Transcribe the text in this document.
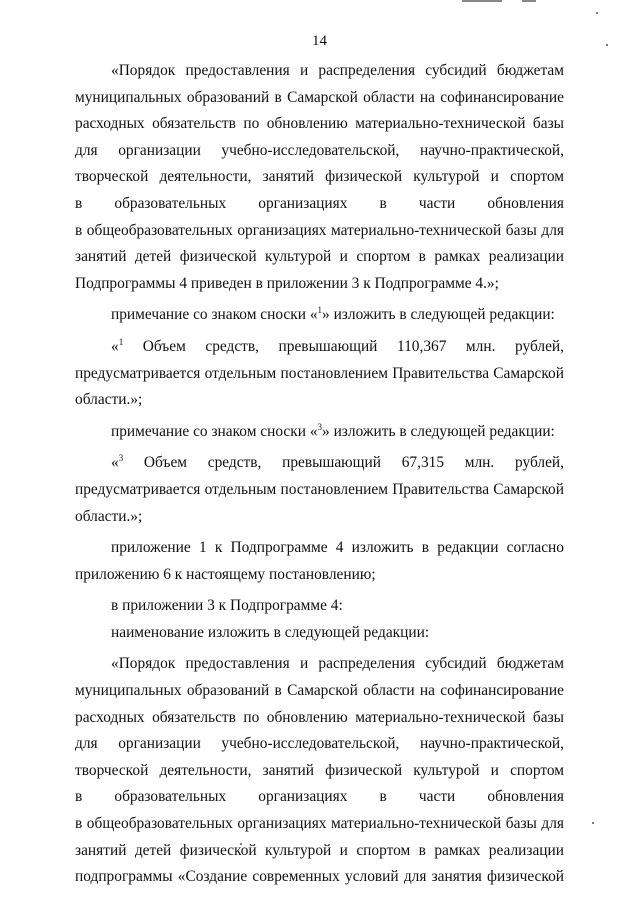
14
«Порядок предоставления и распределения субсидий бюджетам
муниципальных образований в Самарской области на софинансирование
расходных обязательств по обновлению материально-технической базы
для организации учебно-исследовательской, научно-практической,
творческой деятельности, занятий физической культурой и спортом
в образовательных организациях в части обновления
в общеобразовательных организациях материально-технической базы для
занятий детей физической культурой и спортом в рамках реализации
Подпрограммы 4 приведен в приложении 3 к Подпрограмме 4.»;
примечание со знаком сноски «$^1$» изложить в следующей редакции:
«$^1$ Объем средств, превышающий 110,367 млн. рублей,
предусматривается отдельным постановлением Правительства Самарской
области.»;
примечание со знаком сноски «$^3$» изложить в следующей редакции:
«$^3$ Объем средств, превышающий 67,315 млн. рублей,
предусматривается отдельным постановлением Правительства Самарской
области.»;
приложение 1 к Подпрограмме 4 изложить в редакции согласно
приложению 6 к настоящему постановлению;
в приложении 3 к Подпрограмме 4:
наименование изложить в следующей редакции:
«Порядок предоставления и распределения субсидий бюджетам
муниципальных образований в Самарской области на софинансирование
расходных обязательств по обновлению материально-технической базы
для организации учебно-исследовательской, научно-практической,
творческой деятельности, занятий физической культурой и спортом
в образовательных организациях в части обновления
в общеобразовательных организациях материально-технической базы для
занятий детей физической культурой и спортом в рамках реализации
подпрограммы «Создание современных условий для занятия физической
